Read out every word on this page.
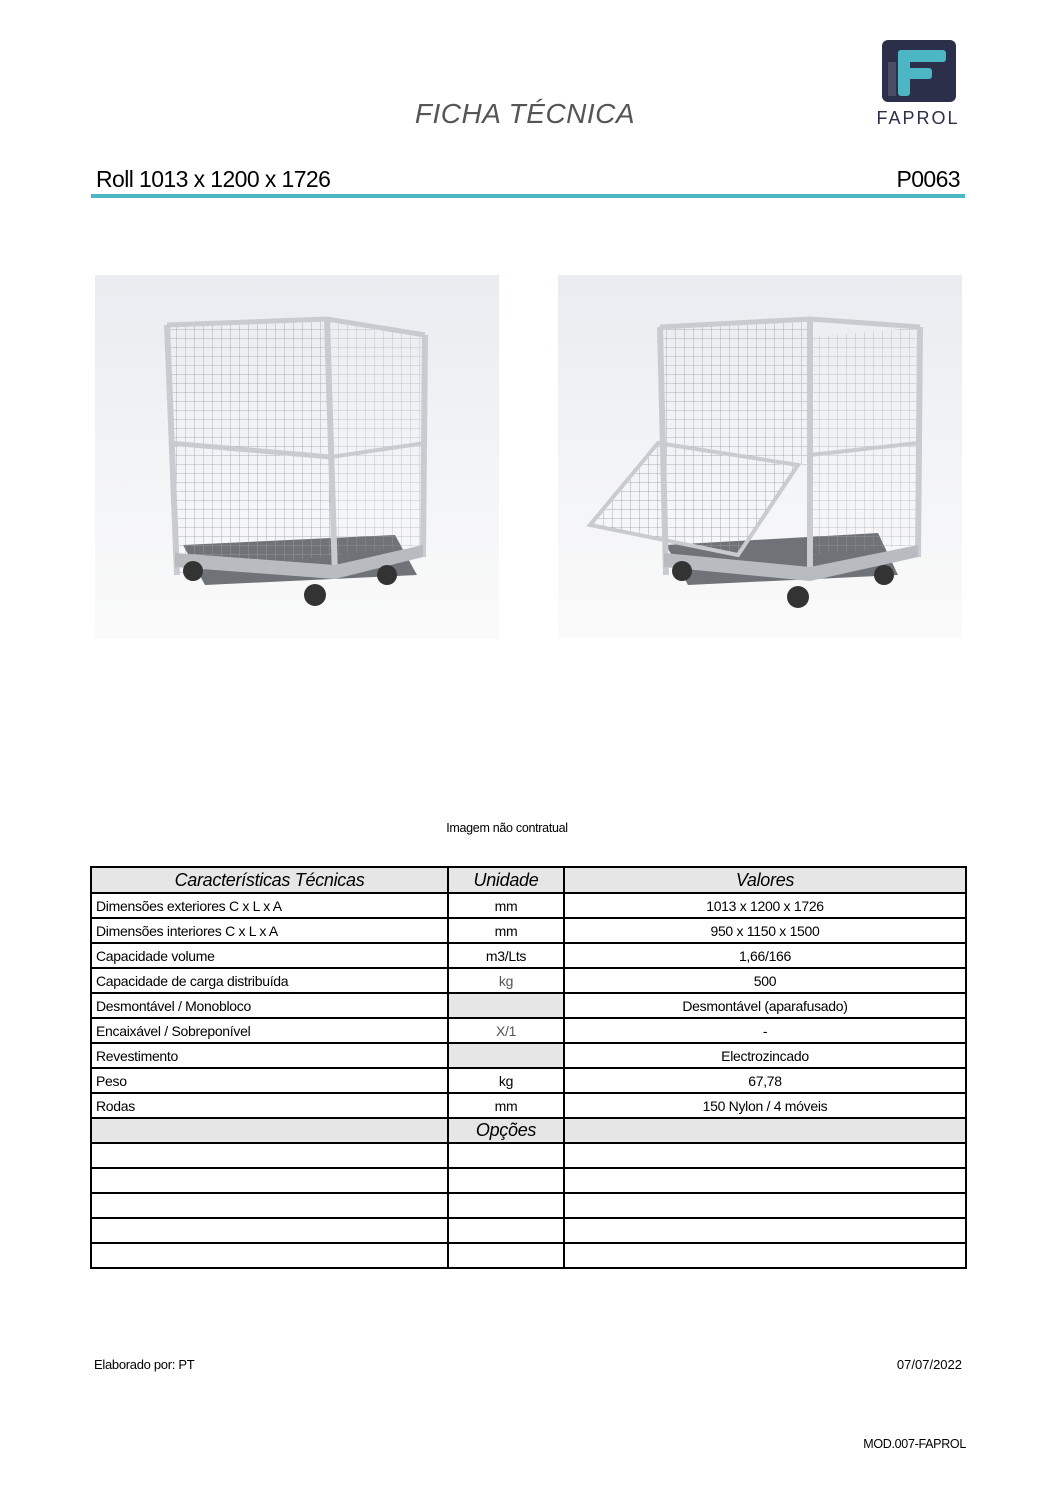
FICHA TÉCNICA	FAPROL
Roll 1013 x 1200 x 1726	P0063
Imagem não contratual
Características Técnicas	Unidade	Valores
Dimensões exteriores C x L x A	mm	1013 x 1200 x 1726
Dimensões interiores C x L x A	mm	950 x 1150 x 1500
Capacidade volume	m3/Lts	1,66/166
Capacidade de carga distribuída	kg	500
Desmontável / Monobloco		Desmontável (aparafusado)
Encaixável / Sobreponível	X/1	-
Revestimento		Electrozincado
Peso	kg	67,78
Rodas	mm	150 Nylon / 4 móveis
	Opções	

Elaborado por: PT	07/07/2022
MOD.007-FAPROL
